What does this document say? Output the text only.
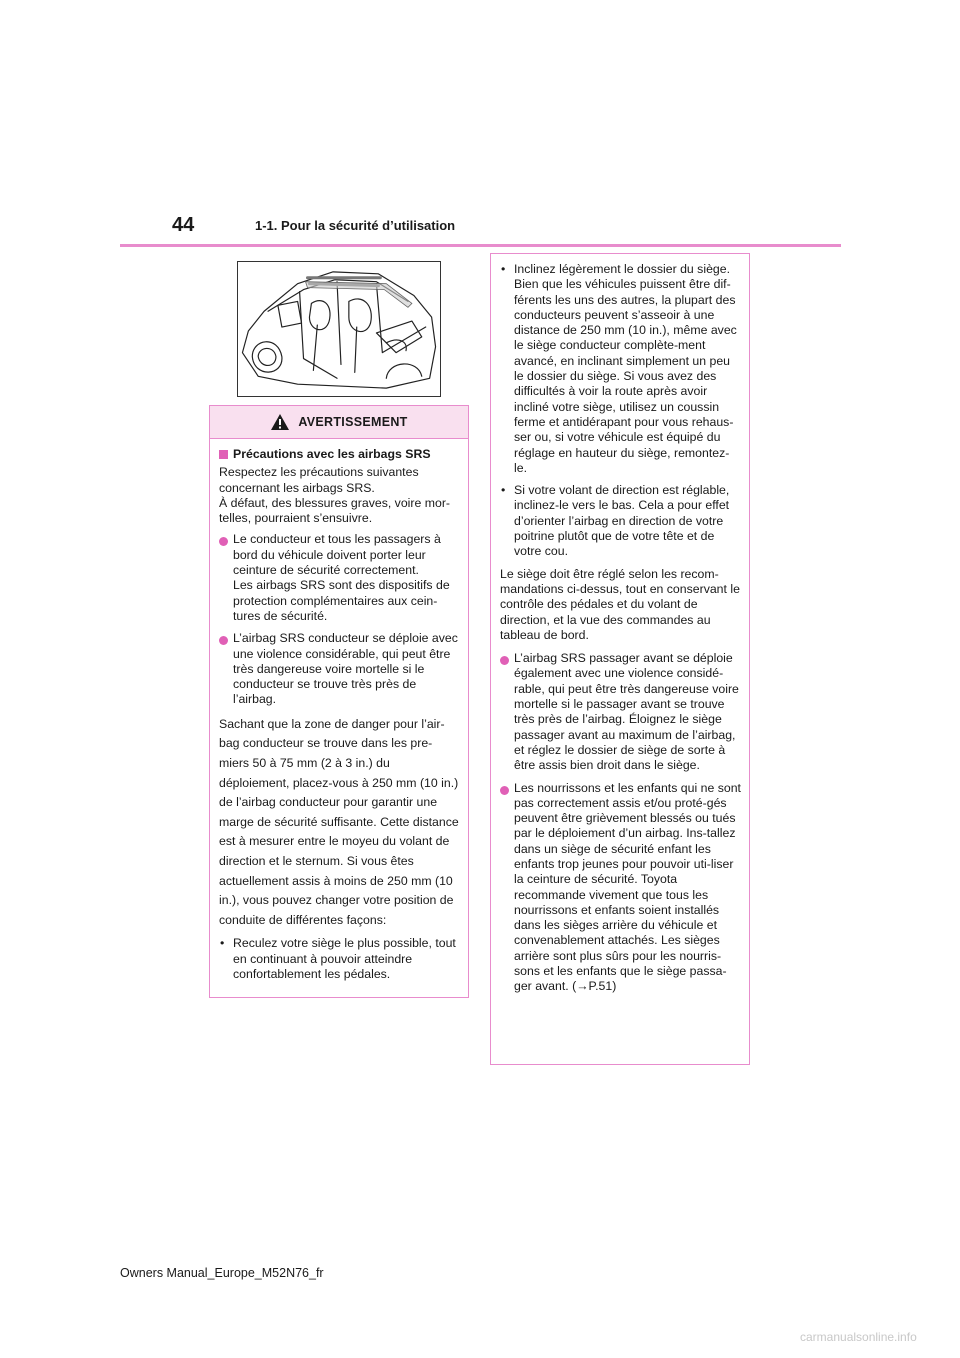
44	1-1. Pour la sécurité d’utilisation
AVERTISSEMENT
Précautions avec les airbags SRS

Respectez les précautions suivantes concernant les airbags SRS.
À défaut, des blessures graves, voire mor-telles, pourraient s’ensuivre.

Le conducteur et tous les passagers à bord du véhicule doivent porter leur ceinture de sécurité correctement.
Les airbags SRS sont des dispositifs de protection complémentaires aux cein-tures de sécurité.
L’airbag SRS conducteur se déploie avec une violence considérable, qui peut être très dangereuse voire mortelle si le conducteur se trouve très près de l’airbag.

Sachant que la zone de danger pour l’air-bag conducteur se trouve dans les pre-miers 50 à 75 mm (2 à 3 in.) du déploiement, placez-vous à 250 mm (10 in.) de l’airbag conducteur pour garantir une marge de sécurité suffisante. Cette distance est à mesurer entre le moyeu du volant de direction et le sternum. Si vous êtes actuellement assis à moins de 250 mm (10 in.), vous pouvez changer votre position de conduite de différentes façons:

• Reculez votre siège le plus possible, tout en continuant à pouvoir atteindre confortablement les pédales.
• Inclinez légèrement le dossier du siège. Bien que les véhicules puissent être dif-férents les uns des autres, la plupart des conducteurs peuvent s’asseoir à une distance de 250 mm (10 in.), même avec le siège conducteur complète-ment avancé, en inclinant simplement un peu le dossier du siège. Si vous avez des difficultés à voir la route après avoir incliné votre siège, utilisez un coussin ferme et antidérapant pour vous rehaus-ser ou, si votre véhicule est équipé du réglage en hauteur du siège, remontez-le.
• Si votre volant de direction est réglable, inclinez-le vers le bas. Cela a pour effet d’orienter l’airbag en direction de votre poitrine plutôt que de votre tête et de votre cou.

Le siège doit être réglé selon les recom-mandations ci-dessus, tout en conservant le contrôle des pédales et du volant de direction, et la vue des commandes au tableau de bord.

L’airbag SRS passager avant se déploie également avec une violence considé-rable, qui peut être très dangereuse voire mortelle si le passager avant se trouve très près de l’airbag. Éloignez le siège passager avant au maximum de l’airbag, et réglez le dossier de siège de sorte à être assis bien droit dans le siège.
Les nourrissons et les enfants qui ne sont pas correctement assis et/ou proté-gés peuvent être grièvement blessés ou tués par le déploiement d’un airbag. Ins-tallez dans un siège de sécurité enfant les enfants trop jeunes pour pouvoir uti-liser la ceinture de sécurité. Toyota recommande vivement que tous les nourrissons et enfants soient installés dans les sièges arrière du véhicule et convenablement attachés. Les sièges arrière sont plus sûrs pour les nourris-sons et les enfants que le siège passa-ger avant. (→P.51)
Owners Manual_Europe_M52N76_fr
carmanualsonline.info
